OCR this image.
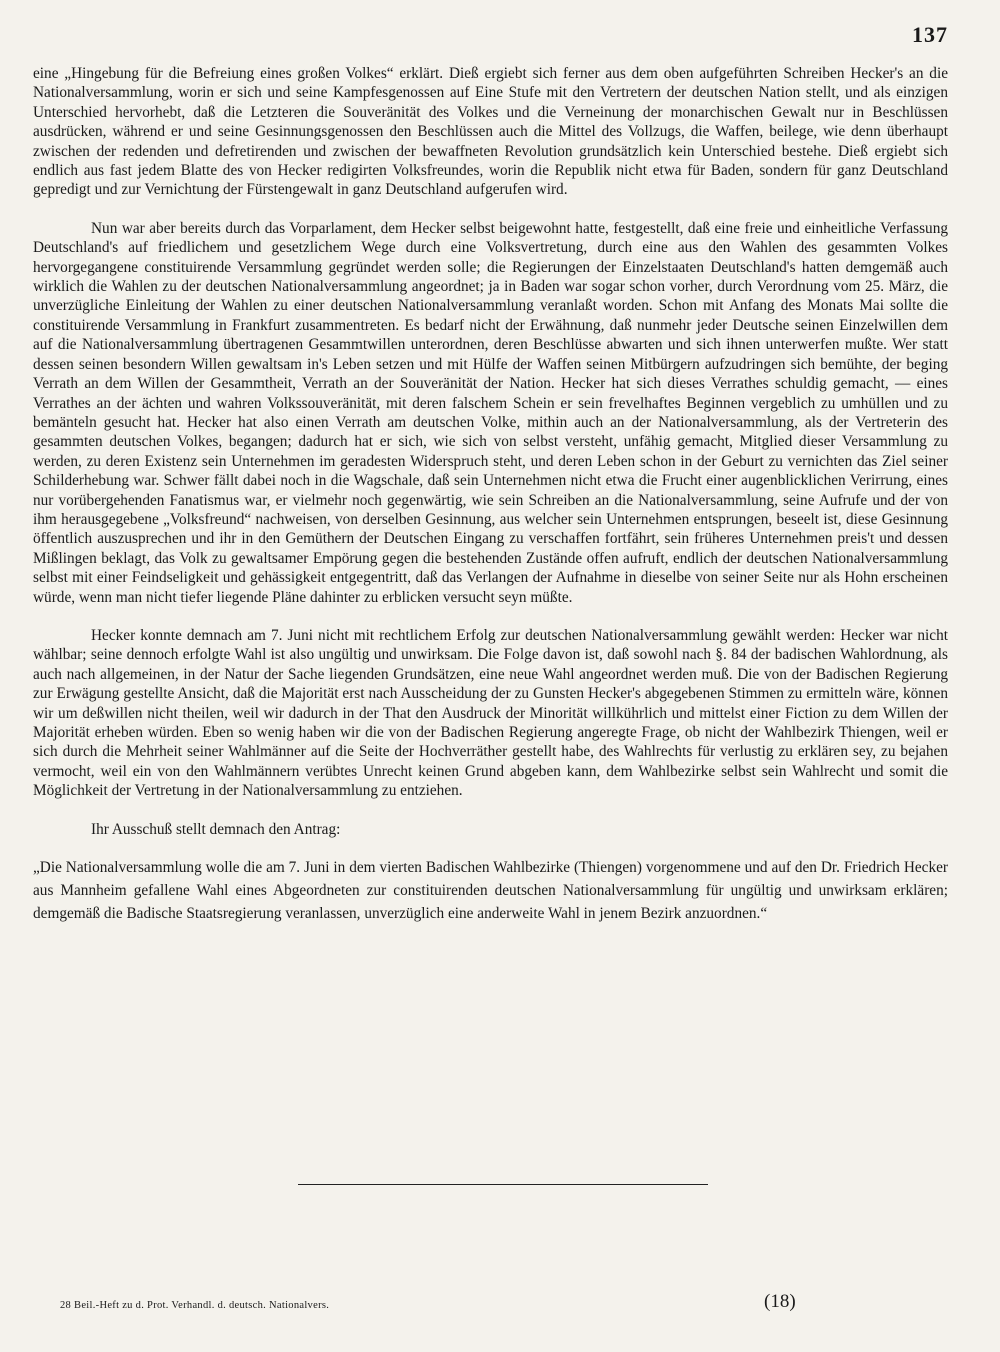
137

eine „Hingebung für die Befreiung eines großen Volkes“ erklärt. Dieß ergiebt sich ferner aus dem oben aufgeführten Schreiben Hecker's an die Nationalversammlung, worin er sich und seine Kampfesgenossen auf Eine Stufe mit den Vertretern der deutschen Nation stellt, und als einzigen Unterschied hervorhebt, daß die Letzteren die Souveränität des Volkes und die Verneinung der monarchischen Gewalt nur in Beschlüssen ausdrücken, während er und seine Gesinnungsgenossen den Beschlüssen auch die Mittel des Vollzugs, die Waffen, beilege, wie denn überhaupt zwischen der redenden und defretirenden und zwischen der bewaffneten Revolution grundsätzlich kein Unterschied bestehe. Dieß ergiebt sich endlich aus fast jedem Blatte des von Hecker redigirten Volksfreundes, worin die Republik nicht etwa für Baden, sondern für ganz Deutschland gepredigt und zur Vernichtung der Fürstengewalt in ganz Deutschland aufgerufen wird.

Nun war aber bereits durch das Vorparlament, dem Hecker selbst beigewohnt hatte, festgestellt, daß eine freie und einheitliche Verfassung Deutschland's auf friedlichem und gesetzlichem Wege durch eine Volksvertretung, durch eine aus den Wahlen des gesammten Volkes hervorgegangene constituirende Versammlung gegründet werden solle; die Regierungen der Einzelstaaten Deutschland's hatten demgemäß auch wirklich die Wahlen zu der deutschen Nationalversammlung angeordnet; ja in Baden war sogar schon vorher, durch Verordnung vom 25. März, die unverzügliche Einleitung der Wahlen zu einer deutschen Nationalversammlung veranlaßt worden. Schon mit Anfang des Monats Mai sollte die constituirende Versammlung in Frankfurt zusammentreten. Es bedarf nicht der Erwähnung, daß nunmehr jeder Deutsche seinen Einzelwillen dem auf die Nationalversammlung übertragenen Gesammtwillen unterordnen, deren Beschlüsse abwarten und sich ihnen unterwerfen mußte. Wer statt dessen seinen besondern Willen gewaltsam in's Leben setzen und mit Hülfe der Waffen seinen Mitbürgern aufzudringen sich bemühte, der beging Verrath an dem Willen der Gesammtheit, Verrath an der Souveränität der Nation. Hecker hat sich dieses Verrathes schuldig gemacht, — eines Verrathes an der ächten und wahren Volkssouveränität, mit deren falschem Schein er sein frevelhaftes Beginnen vergeblich zu umhüllen und zu bemänteln gesucht hat. Hecker hat also einen Verrath am deutschen Volke, mithin auch an der Nationalversammlung, als der Vertreterin des gesammten deutschen Volkes, begangen; dadurch hat er sich, wie sich von selbst versteht, unfähig gemacht, Mitglied dieser Versammlung zu werden, zu deren Existenz sein Unternehmen im geradesten Widerspruch steht, und deren Leben schon in der Geburt zu vernichten das Ziel seiner Schilderhebung war. Schwer fällt dabei noch in die Wagschale, daß sein Unternehmen nicht etwa die Frucht einer augenblicklichen Verirrung, eines nur vorübergehenden Fanatismus war, er vielmehr noch gegenwärtig, wie sein Schreiben an die Nationalversammlung, seine Aufrufe und der von ihm herausgegebene „Volksfreund“ nachweisen, von derselben Gesinnung, aus welcher sein Unternehmen entsprungen, beseelt ist, diese Gesinnung öffentlich auszusprechen und ihr in den Gemüthern der Deutschen Eingang zu verschaffen fortfährt, sein früheres Unternehmen preis't und dessen Mißlingen beklagt, das Volk zu gewaltsamer Empörung gegen die bestehenden Zustände offen aufruft, endlich der deutschen Nationalversammlung selbst mit einer Feindseligkeit und gehässigkeit entgegentritt, daß das Verlangen der Aufnahme in dieselbe von seiner Seite nur als Hohn erscheinen würde, wenn man nicht tiefer liegende Pläne dahinter zu erblicken versucht seyn müßte.

Hecker konnte demnach am 7. Juni nicht mit rechtlichem Erfolg zur deutschen Nationalversammlung gewählt werden: Hecker war nicht wählbar; seine dennoch erfolgte Wahl ist also ungültig und unwirksam. Die Folge davon ist, daß sowohl nach §. 84 der badischen Wahlordnung, als auch nach allgemeinen, in der Natur der Sache liegenden Grundsätzen, eine neue Wahl angeordnet werden muß. Die von der Badischen Regierung zur Erwägung gestellte Ansicht, daß die Majorität erst nach Ausscheidung der zu Gunsten Hecker's abgegebenen Stimmen zu ermitteln wäre, können wir um deßwillen nicht theilen, weil wir dadurch in der That den Ausdruck der Minorität willkührlich und mittelst einer Fiction zu dem Willen der Majorität erheben würden. Eben so wenig haben wir die von der Badischen Regierung angeregte Frage, ob nicht der Wahlbezirk Thiengen, weil er sich durch die Mehrheit seiner Wahlmänner auf die Seite der Hochverräther gestellt habe, des Wahlrechts für verlustig zu erklären sey, zu bejahen vermocht, weil ein von den Wahlmännern verübtes Unrecht keinen Grund abgeben kann, dem Wahlbezirke selbst sein Wahlrecht und somit die Möglichkeit der Vertretung in der Nationalversammlung zu entziehen.

Ihr Ausschuß stellt demnach den Antrag:

„Die Nationalversammlung wolle die am 7. Juni in dem vierten Badischen Wahlbezirke (Thiengen) vorgenommene und auf den Dr. Friedrich Hecker aus Mannheim gefallene Wahl eines Abgeordneten zur constituirenden deutschen Nationalversammlung für ungültig und unwirksam erklären; demgemäß die Badische Staatsregierung veranlassen, unverzüglich eine anderweite Wahl in jenem Bezirk anzuordnen.“

28 Beil.-Heft zu d. Prot. Verhandl. d. deutsch. Nationalvers.	(18)
